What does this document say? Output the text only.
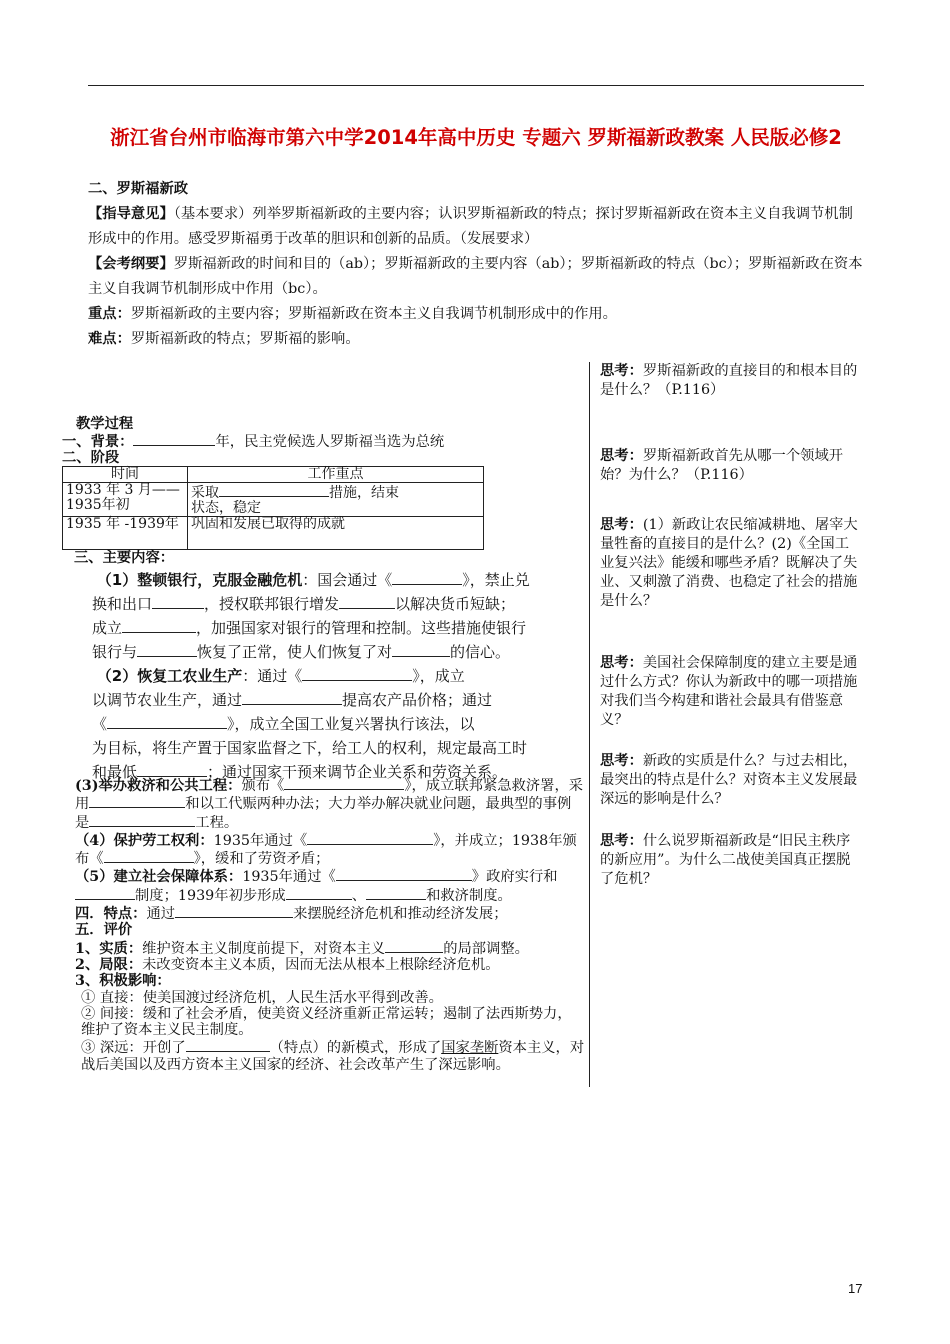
浙江省台州市临海市第六中学2014年高中历史 专题六 罗斯福新政教案 人民版必修2

二、罗斯福新政

【指导意见】（基本要求）列举罗斯福新政的主要内容；认识罗斯福新政的特点；探讨罗斯福新政在资本主义自我调节机制形成中的作用。感受罗斯福勇于改革的胆识和创新的品质。（发展要求）

【会考纲要】罗斯福新政的时间和目的（ab）；罗斯福新政的主要内容（ab）；罗斯福新政的特点（bc）；罗斯福新政在资本主义自我调节机制形成中作用（bc）。

重点：罗斯福新政的主要内容；罗斯福新政在资本主义自我调节机制形成中的作用。

难点：罗斯福新政的特点；罗斯福的影响。

思考：罗斯福新政的直接目的和根本目的是什么？（P.116）
思考：罗斯福新政首先从哪一个领域开始？为什么？（P.116）
思考：(1）新政让农民缩减耕地、屠宰大量牲畜的直接目的是什么？(2)《全国工业复兴法》能缓和哪些矛盾？既解决了失业、又刺激了消费、也稳定了社会的措施是什么？
思考：美国社会保障制度的建立主要是通过什么方式？你认为新政中的哪一项措施对我们当今构建和谐社会最具有借鉴意义？
思考：新政的实质是什么？与过去相比，最突出的特点是什么？对资本主义发展最深远的影响是什么？
思考：什么说罗斯福新政是“旧民主秩序的新应用”。为什么二战使美国真正摆脱了危机？

教学过程

一、背景：	年，民主党候选人罗斯福当选为总统

二、阶段

时间	工作重点
1933 年 3 月——1935年初	采取 措施，结束
状态，稳定
1935 年 -1939年	巩固和发展已取得的成就

三、主要内容：

（1）整顿银行，克服金融危机：国会通过《	》，禁止兑

换和出口	，授权联邦银行增发	以解决货币短缺；

成立	，加强国家对银行的管理和控制。这些措施使银行

银行与	恢复了正常，使人们恢复了对	的信心。

（2）恢复工农业生产：通过《	》，成立

以调节农业生产，通过	提高农产品价格；通过

《	》，成立全国工业复兴署执行该法，以

为目标，将生产置于国家监督之下，给工人的权利，规定最高工时

和最低	；通过国家干预来调节企业关系和劳资关系。

(3)举办救济和公共工程：颁布《	》，成立联邦紧急救济署，采用	和以工代赈两种办法；大力举办解决就业问题，最典型的事例是	工程。

（4）保护劳工权利：1935年通过《	》，并成立；1938年颁布《	》，缓和了劳资矛盾；

（5）建立社会保障体系：1935年通过《	》政府实行和制度；1939年初步形成	、	和救济制度。

四．特点：通过	来摆脱经济危机和推动经济发展；

五．评价

1、实质：维护资本主义制度前提下，对资本主义	的局部调整。

2、局限：未改变资本主义本质，因而无法从根本上根除经济危机。

3、积极影响：

① 直接：使美国渡过经济危机，人民生活水平得到改善。

② 间接：缓和了社会矛盾，使美资义经济重新正常运转；遏制了法西斯势力，维护了资本主义民主制度。

③ 深远：开创了	（特点）的新模式，形成了国家垄断资本主义，对战后美国以及西方资本主义国家的经济、社会改革产生了深远影响。

17
